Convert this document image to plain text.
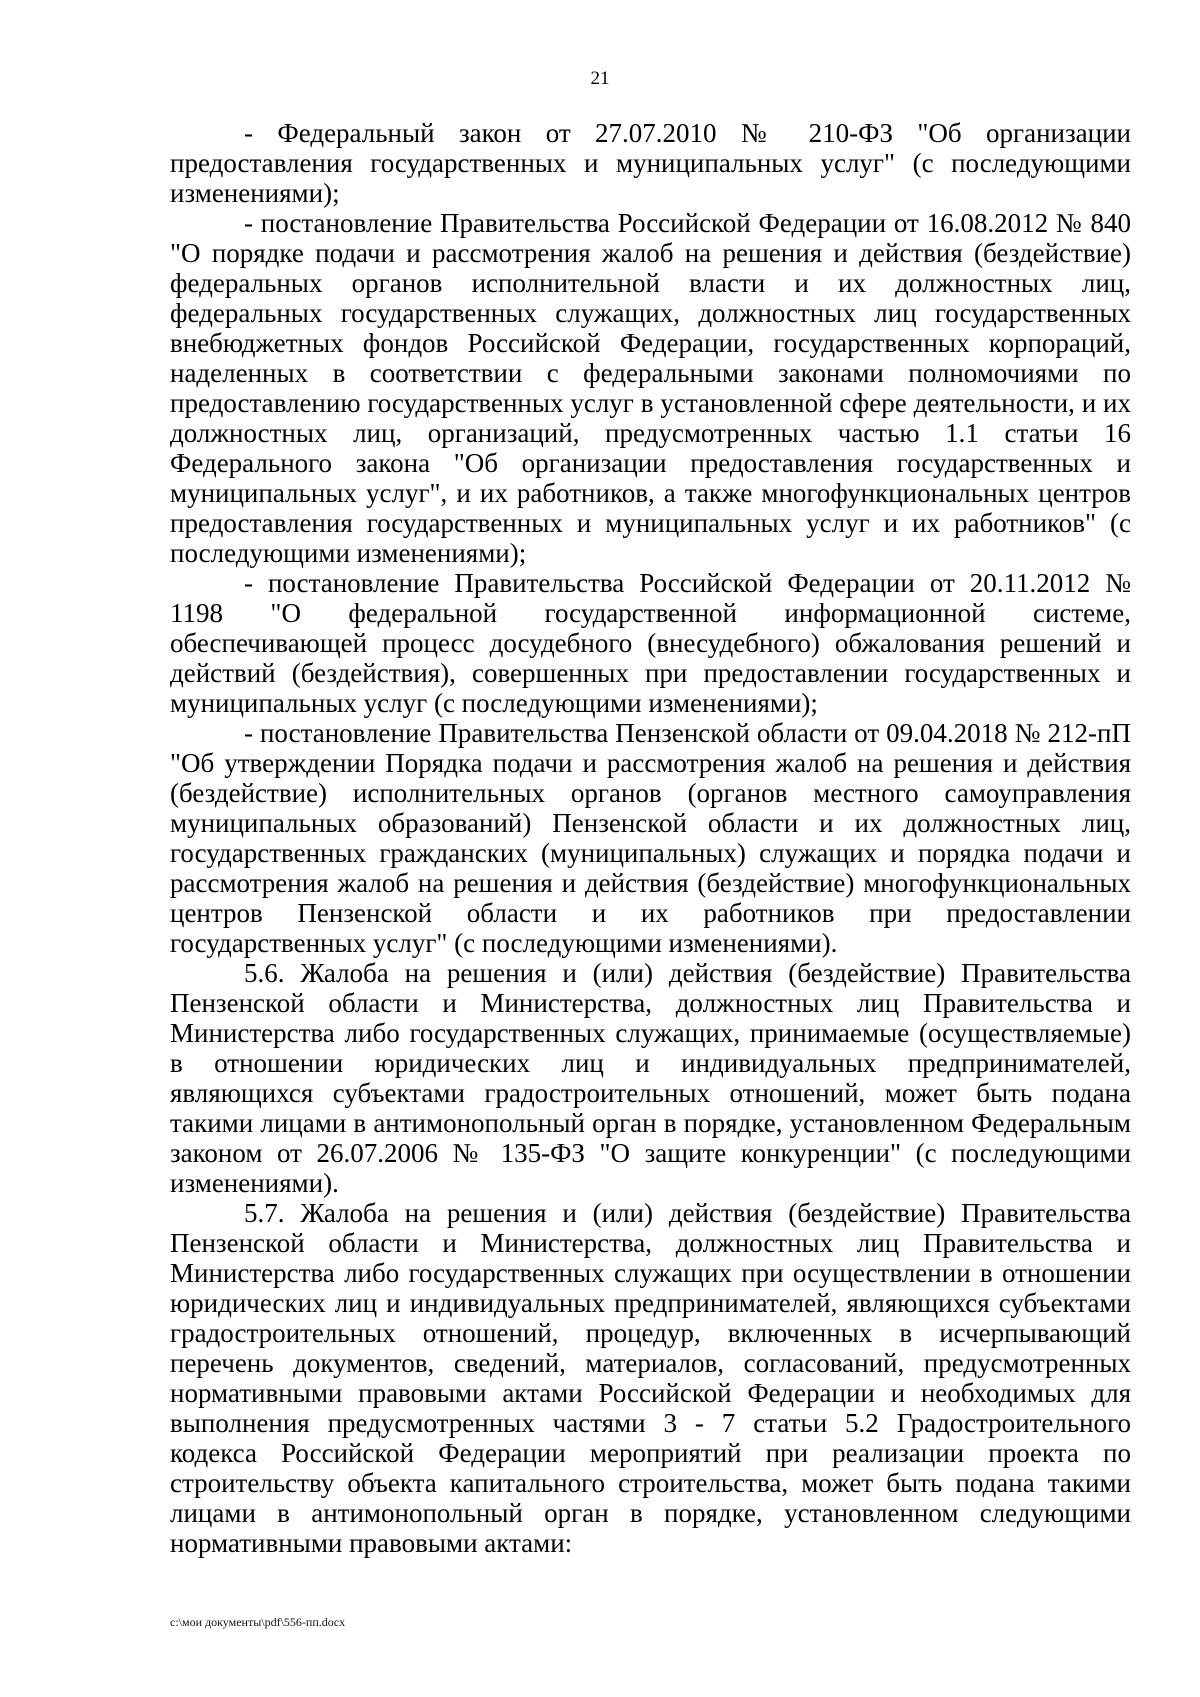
21

- Федеральный закон от 27.07.2010 № 210-ФЗ "Об организации предоставления государственных и муниципальных услуг" (с последующими изменениями);

- постановление Правительства Российской Федерации от 16.08.2012 № 840 "О порядке подачи и рассмотрения жалоб на решения и действия (бездействие) федеральных органов исполнительной власти и их должностных лиц, федеральных государственных служащих, должностных лиц государственных внебюджетных фондов Российской Федерации, государственных корпораций, наделенных в соответствии с федеральными законами полномочиями по предоставлению государственных услуг в установленной сфере деятельности, и их должностных лиц, организаций, предусмотренных частью 1.1 статьи 16 Федерального закона "Об организации предоставления государственных и муниципальных услуг", и их работников, а также многофункциональных центров предоставления государственных и муниципальных услуг и их работников" (с последующими изменениями);

- постановление Правительства Российской Федерации от 20.11.2012 № 1198 "О федеральной государственной информационной системе, обеспечивающей процесс досудебного (внесудебного) обжалования решений и действий (бездействия), совершенных при предоставлении государственных и муниципальных услуг (с последующими изменениями);

- постановление Правительства Пензенской области от 09.04.2018 № 212-пП "Об утверждении Порядка подачи и рассмотрения жалоб на решения и действия (бездействие) исполнительных органов (органов местного самоуправления муниципальных образований) Пензенской области и их должностных лиц, государственных гражданских (муниципальных) служащих и порядка подачи и рассмотрения жалоб на решения и действия (бездействие) многофункциональных центров Пензенской области и их работников при предоставлении государственных услуг" (с последующими изменениями).

5.6. Жалоба на решения и (или) действия (бездействие) Правительства Пензенской области и Министерства, должностных лиц Правительства и Министерства либо государственных служащих, принимаемые (осуществляемые) в отношении юридических лиц и индивидуальных предпринимателей, являющихся субъектами градостроительных отношений, может быть подана такими лицами в антимонопольный орган в порядке, установленном Федеральным законом от 26.07.2006 № 135-ФЗ "О защите конкуренции" (с последующими изменениями).

5.7. Жалоба на решения и (или) действия (бездействие) Правительства Пензенской области и Министерства, должностных лиц Правительства и Министерства либо государственных служащих при осуществлении в отношении юридических лиц и индивидуальных предпринимателей, являющихся субъектами градостроительных отношений, процедур, включенных в исчерпывающий перечень документов, сведений, материалов, согласований, предусмотренных нормативными правовыми актами Российской Федерации и необходимых для выполнения предусмотренных частями 3 - 7 статьи 5.2 Градостроительного кодекса Российской Федерации мероприятий при реализации проекта по строительству объекта капитального строительства, может быть подана такими лицами в антимонопольный орган в порядке, установленном следующими нормативными правовыми актами:

c:\мои документы\pdf\556-пп.docx
